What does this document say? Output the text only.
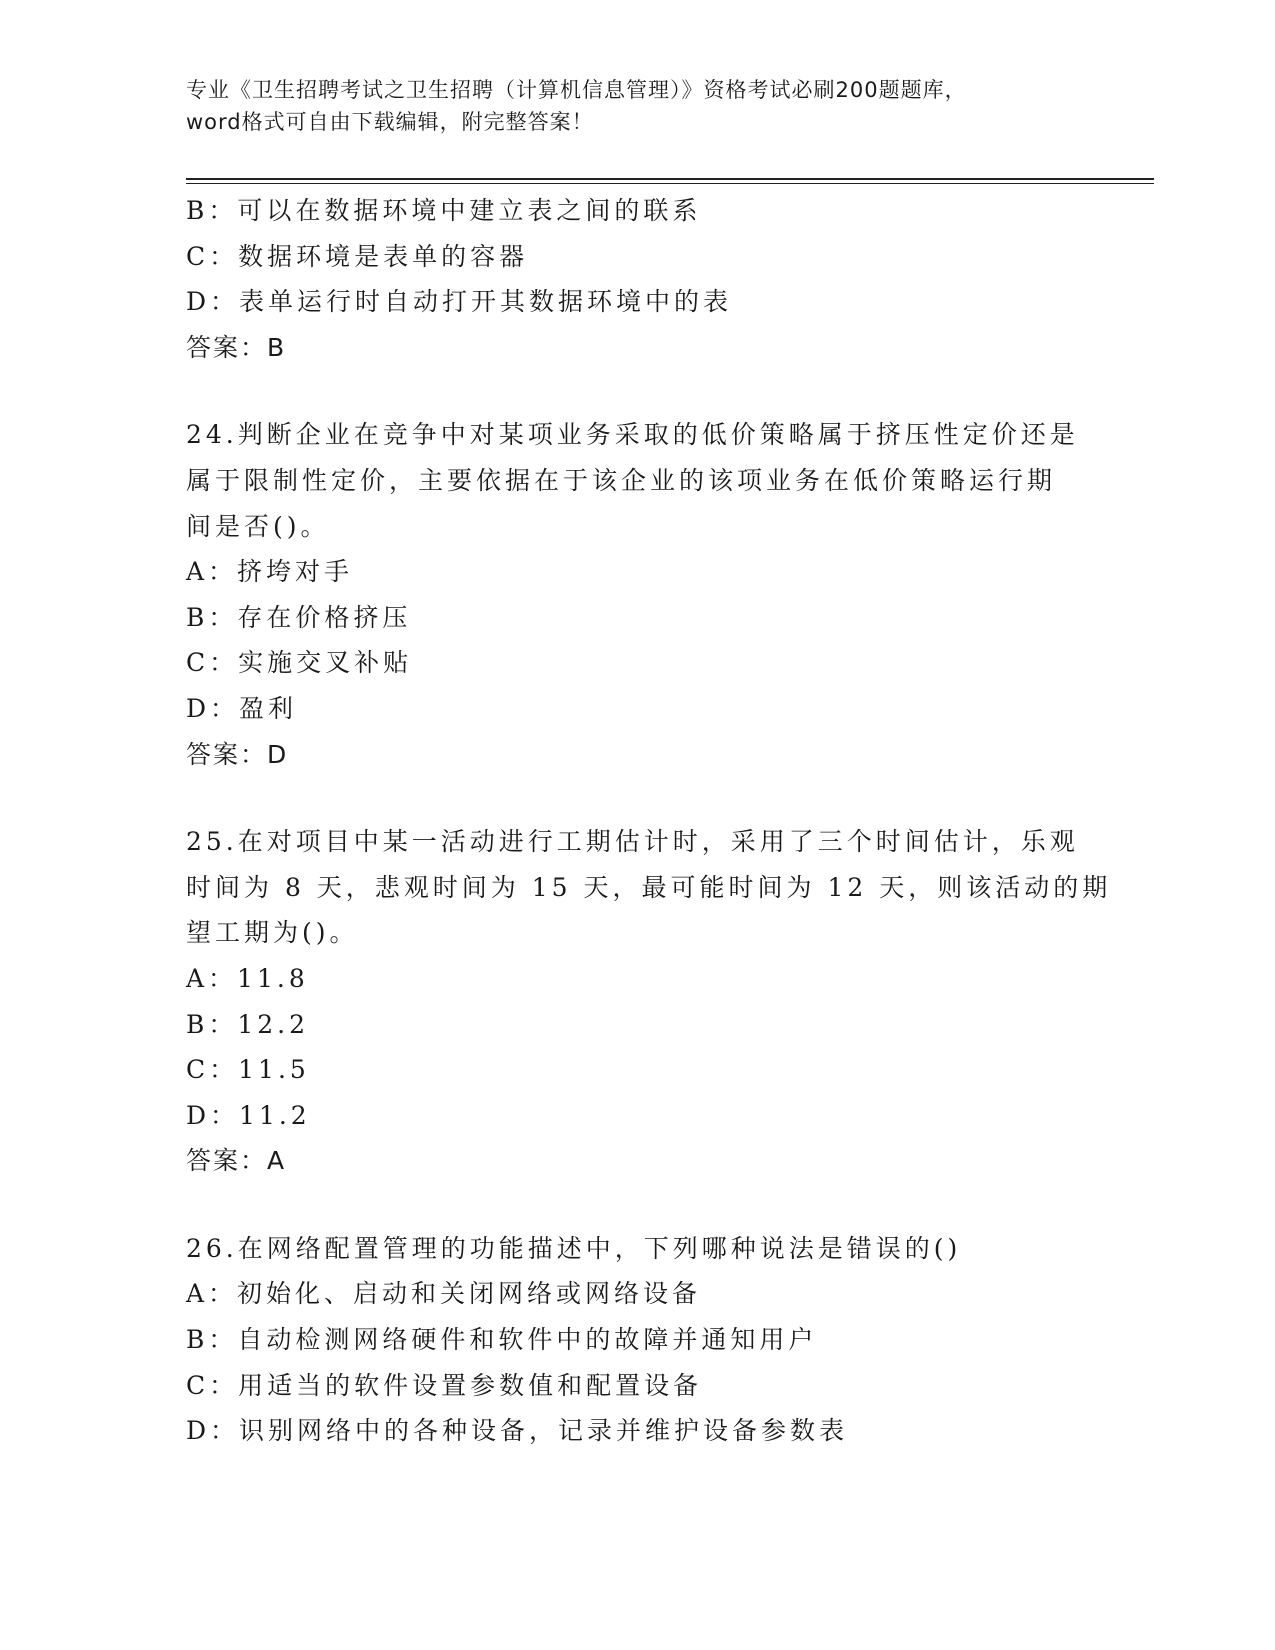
专业《卫生招聘考试之卫生招聘（计算机信息管理）》资格考试必刷200题题库，
word格式可自由下载编辑，附完整答案！
B：可以在数据环境中建立表之间的联系
C：数据环境是表单的容器
D：表单运行时自动打开其数据环境中的表
答案：B
24.判断企业在竞争中对某项业务采取的低价策略属于挤压性定价还是
属于限制性定价，主要依据在于该企业的该项业务在低价策略运行期
间是否()。
A：挤垮对手
B：存在价格挤压
C：实施交叉补贴
D：盈利
答案：D
25.在对项目中某一活动进行工期估计时，采用了三个时间估计，乐观
时间为 8 天，悲观时间为 15 天，最可能时间为 12 天，则该活动的期
望工期为()。
A：11.8
B：12.2
C：11.5
D：11.2
答案：A
26.在网络配置管理的功能描述中，下列哪种说法是错误的()
A：初始化、启动和关闭网络或网络设备
B：自动检测网络硬件和软件中的故障并通知用户
C：用适当的软件设置参数值和配置设备
D：识别网络中的各种设备，记录并维护设备参数表
